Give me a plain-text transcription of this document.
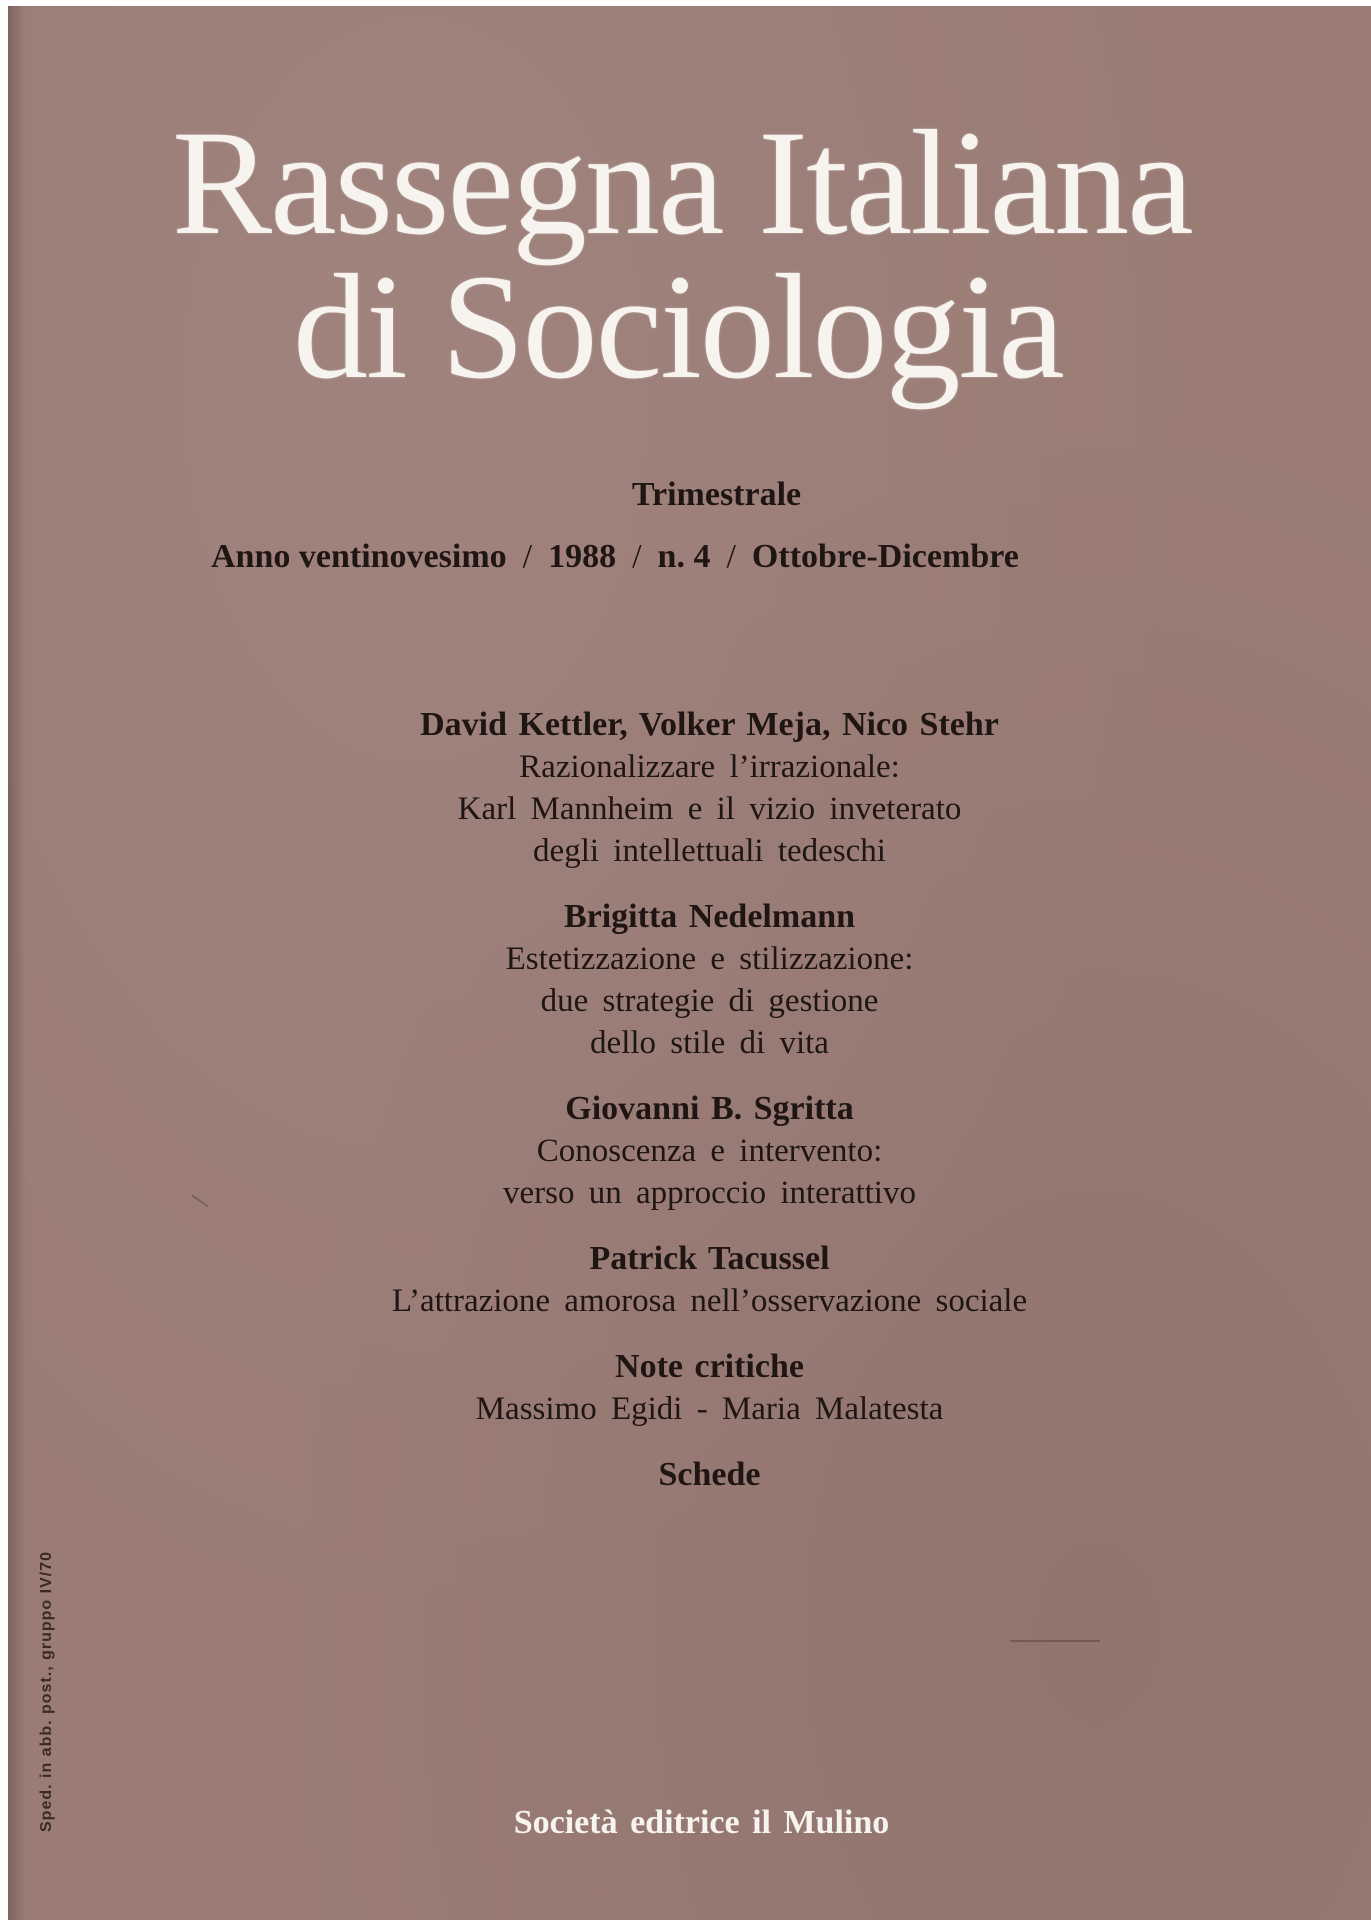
Rassegna Italiana
di Sociologia
Trimestrale
Anno ventinovesimo / 1988 / n. 4 / Ottobre-Dicembre
David Kettler, Volker Meja, Nico Stehr
Razionalizzare l’irrazionale:
Karl Mannheim e il vizio inveterato
degli intellettuali tedeschi
Brigitta Nedelmann
Estetizzazione e stilizzazione:
due strategie di gestione
dello stile di vita
Giovanni B. Sgritta
Conoscenza e intervento:
verso un approccio interattivo
Patrick Tacussel
L’attrazione amorosa nell’osservazione sociale
Note critiche
Massimo Egidi - Maria Malatesta
Schede
Società editrice il Mulino
Sped. in abb. post., gruppo IV/70
